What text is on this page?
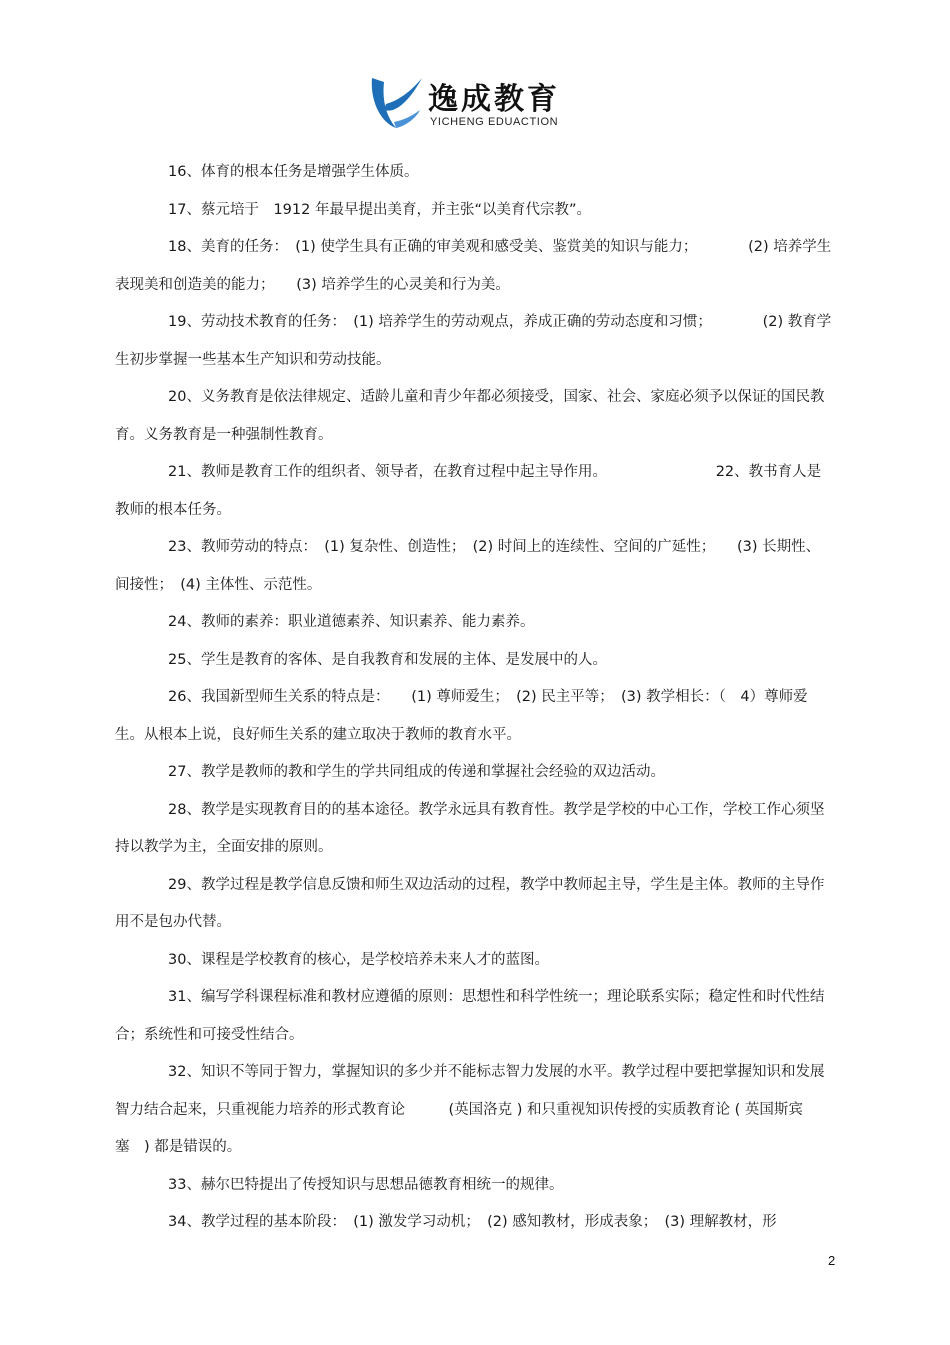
逸成教育
YICHENG EDUACTION

16、体育的根本任务是增强学生体质。

17、蔡元培于　1912 年最早提出美育，并主张“以美育代宗教”。

18、美育的任务：　(1) 使学生具有正确的审美观和感受美、鉴赏美的知识与能力；　　　　(2) 培养学生表现美和创造美的能力；　　(3) 培养学生的心灵美和行为美。

19、劳动技术教育的任务：　(1) 培养学生的劳动观点，养成正确的劳动态度和习惯；　　　　(2) 教育学生初步掌握一些基本生产知识和劳动技能。

20、义务教育是依法律规定、适龄儿童和青少年都必须接受，国家、社会、家庭必须予以保证的国民教育。义务教育是一种强制性教育。

21、教师是教育工作的组织者、领导者，在教育过程中起主导作用。　　　　　　　　22、教书育人是教师的根本任务。

23、教师劳动的特点：　(1) 复杂性、创造性；　(2) 时间上的连续性、空间的广延性；　　(3) 长期性、间接性；　(4) 主体性、示范性。

24、教师的素养：职业道德素养、知识素养、能力素养。

25、学生是教育的客体、是自我教育和发展的主体、是发展中的人。

26、我国新型师生关系的特点是：　　(1) 尊师爱生；　(2) 民主平等；　(3) 教学相长：（　4）尊师爱生。从根本上说，良好师生关系的建立取决于教师的教育水平。

27、教学是教师的教和学生的学共同组成的传递和掌握社会经验的双边活动。

28、教学是实现教育目的的基本途径。教学永远具有教育性。教学是学校的中心工作，学校工作心须坚持以教学为主，全面安排的原则。

29、教学过程是教学信息反馈和师生双边活动的过程，教学中教师起主导，学生是主体。教师的主导作用不是包办代替。

30、课程是学校教育的核心，是学校培养未来人才的蓝图。

31、编写学科课程标准和教材应遵循的原则：思想性和科学性统一；理论联系实际；稳定性和时代性结合；系统性和可接受性结合。

32、知识不等同于智力，掌握知识的多少并不能标志智力发展的水平。教学过程中要把掌握知识和发展智力结合起来，只重视能力培养的形式教育论　　　(英国洛克 ) 和只重视知识传授的实质教育论 ( 英国斯宾塞　) 都是错误的。

33、赫尔巴特提出了传授知识与思想品德教育相统一的规律。

34、教学过程的基本阶段：　(1) 激发学习动机；　(2) 感知教材，形成表象；　(3) 理解教材，形

2
